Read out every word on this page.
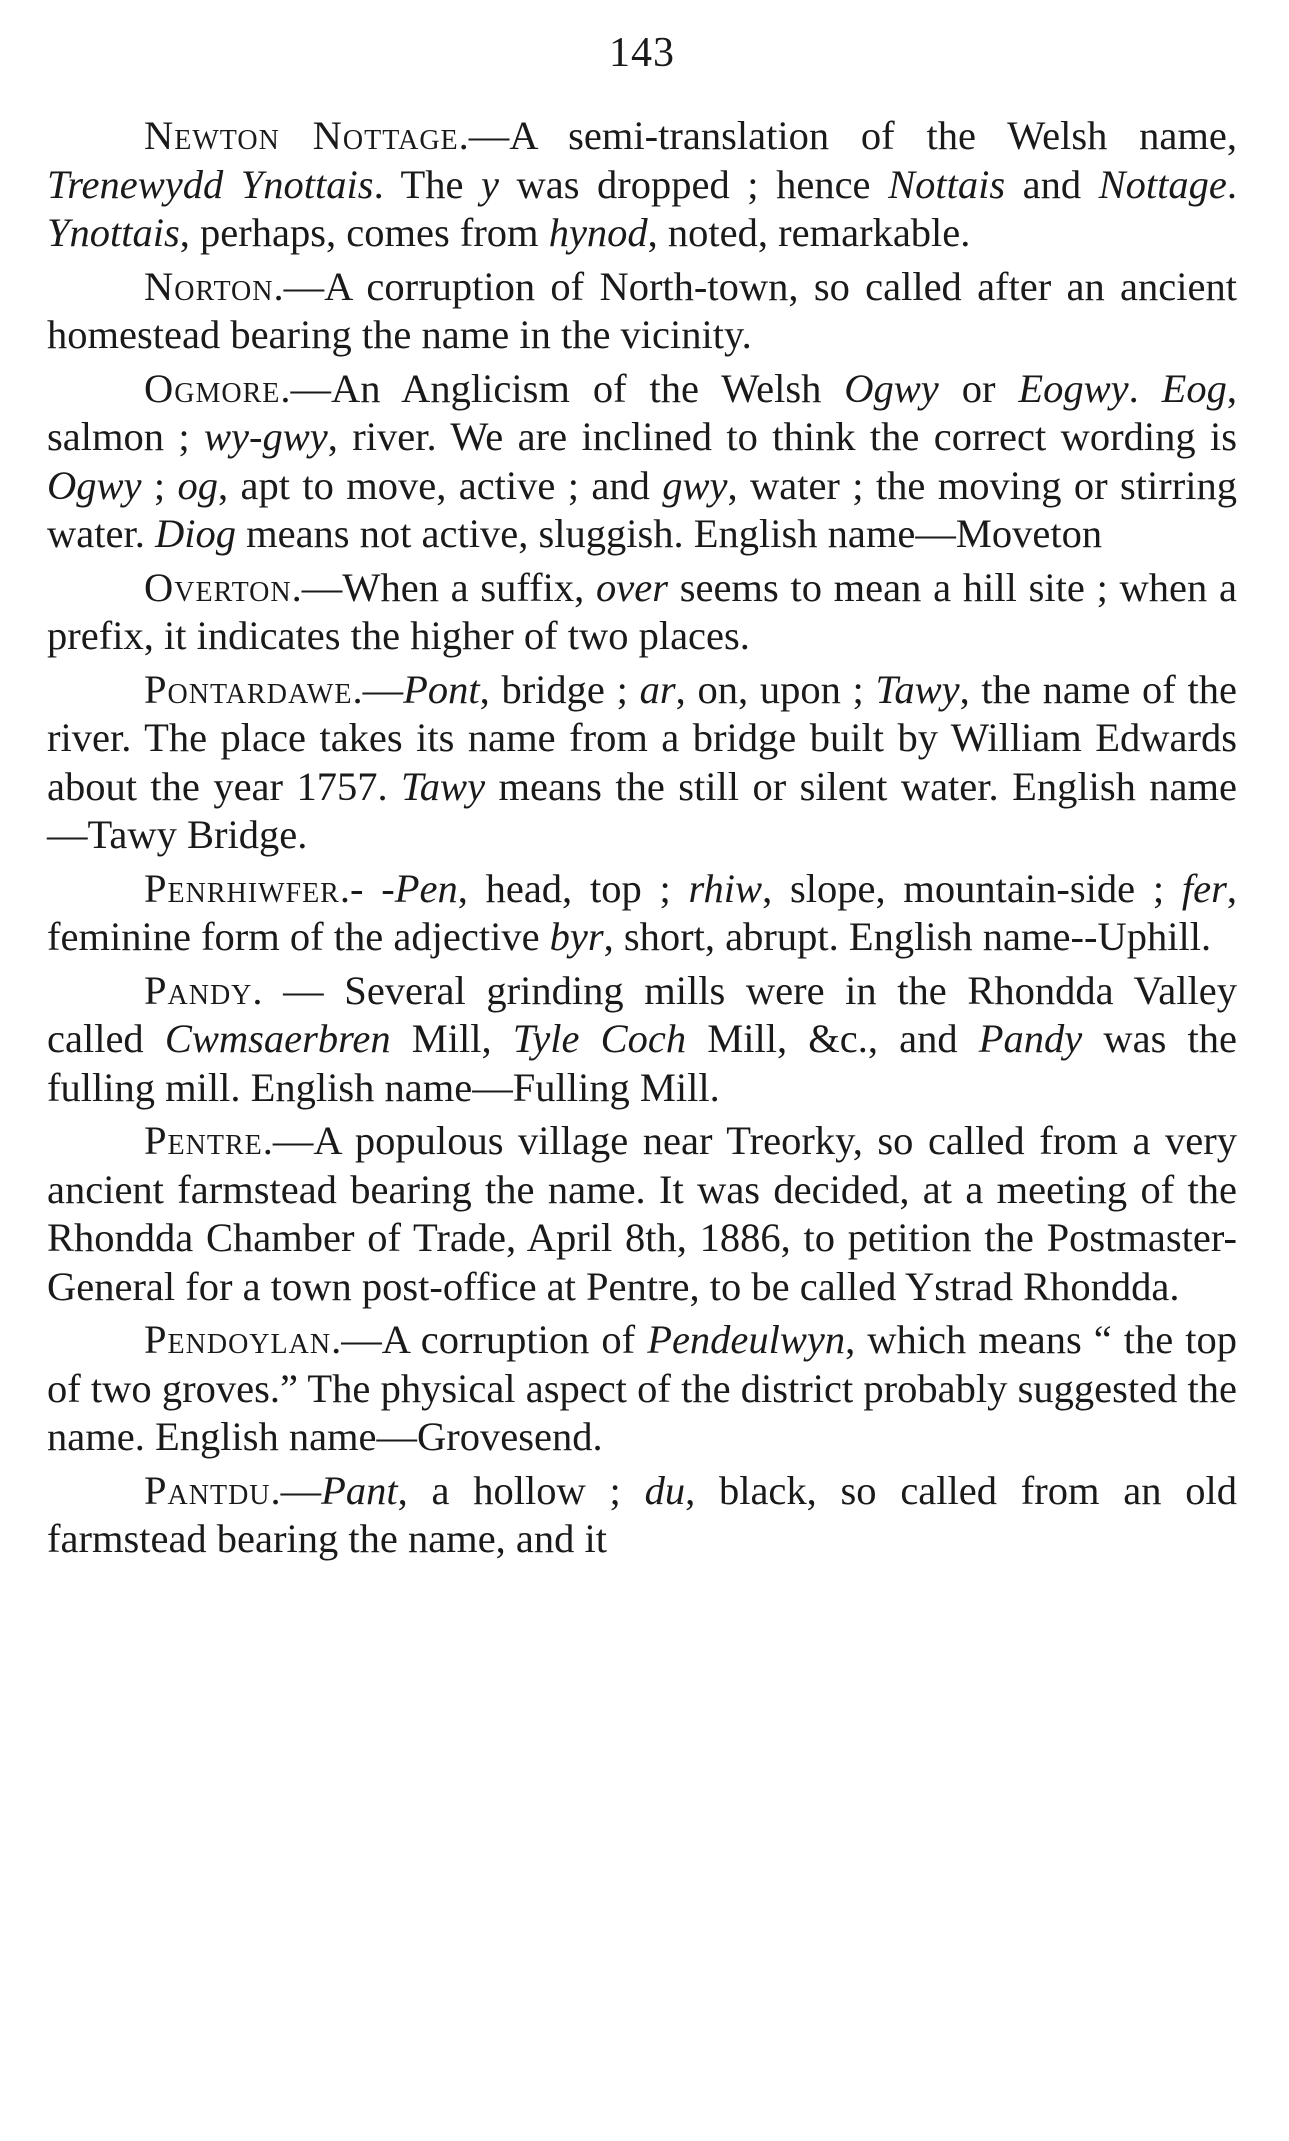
143

Newton Nottage.—A semi-translation of the Welsh name, Trenewydd Ynottais. The y was dropped ; hence Nottais and Nottage. Ynottais, perhaps, comes from hynod, noted, remarkable.

Norton.—A corruption of North-town, so called after an ancient homestead bearing the name in the vicinity.

Ogmore.—An Anglicism of the Welsh Ogwy or Eogwy. Eog, salmon ; wy-gwy, river. We are inclined to think the correct wording is Ogwy ; og, apt to move, active ; and gwy, water ; the moving or stirring water. Diog means not active, sluggish. English name—Moveton

Overton.—When a suffix, over seems to mean a hill site ; when a prefix, it indicates the higher of two places.

Pontardawe.—Pont, bridge ; ar, on, upon ; Tawy, the name of the river. The place takes its name from a bridge built by William Edwards about the year 1757. Tawy means the still or silent water. English name—Tawy Bridge.

Penrhiwfer.- -Pen, head, top ; rhiw, slope, mountain-side ; fer, feminine form of the adjective byr, short, abrupt. English name--Uphill.

Pandy. — Several grinding mills were in the Rhondda Valley called Cwmsaerbren Mill, Tyle Coch Mill, &c., and Pandy was the fulling mill. English name—Fulling Mill.

Pentre.—A populous village near Treorky, so called from a very ancient farmstead bearing the name. It was decided, at a meeting of the Rhondda Chamber of Trade, April 8th, 1886, to petition the Postmaster-General for a town post-office at Pentre, to be called Ystrad Rhondda.

Pendoylan.—A corruption of Pendeulwyn, which means “ the top of two groves.” The physical aspect of the district probably suggested the name. English name—Grovesend.

Pantdu.—Pant, a hollow ; du, black, so called from an old farmstead bearing the name, and it
